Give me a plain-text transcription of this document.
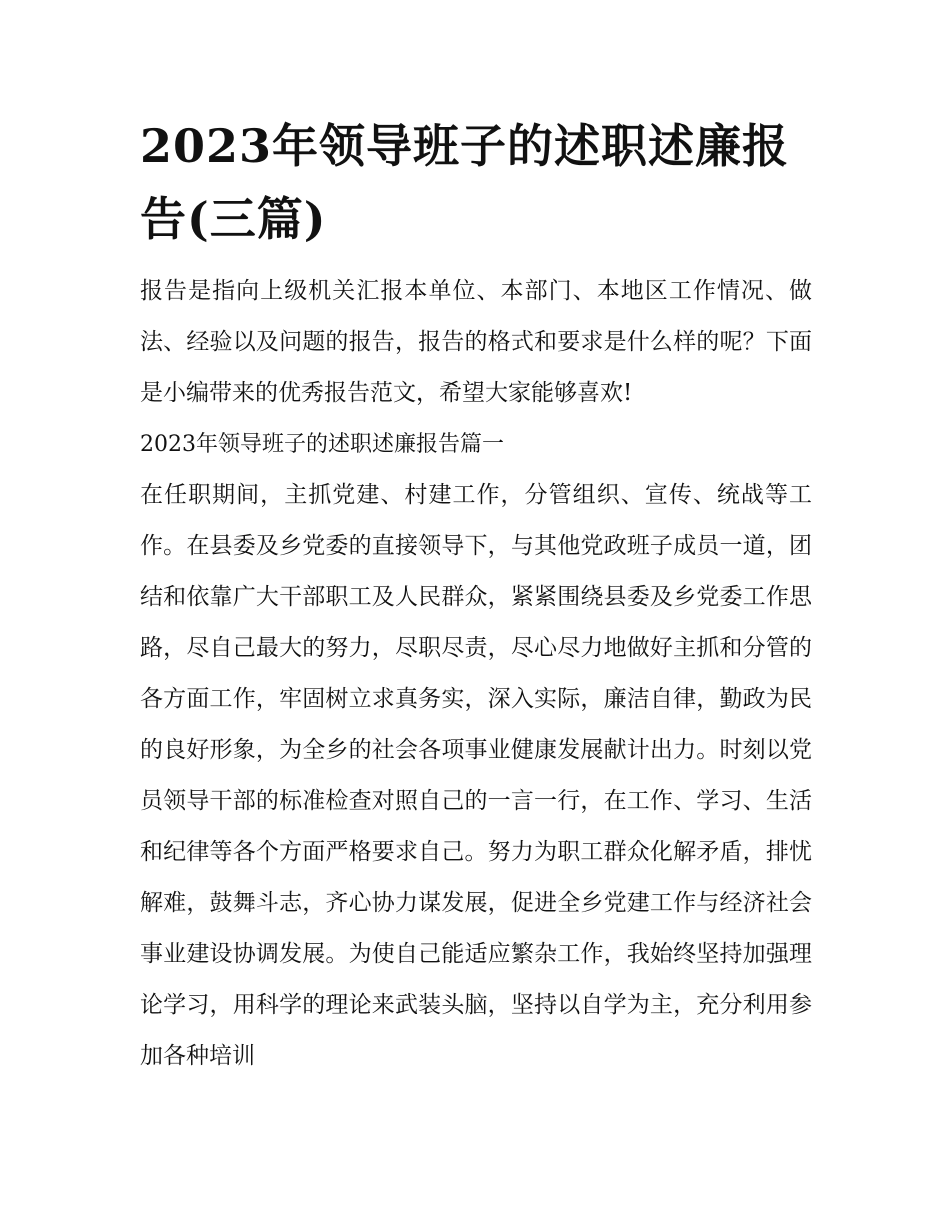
2023年领导班子的述职述廉报告(三篇)

报告是指向上级机关汇报本单位、本部门、本地区工作情况、做法、经验以及问题的报告，报告的格式和要求是什么样的呢？下面是小编带来的优秀报告范文，希望大家能够喜欢!

2023年领导班子的述职述廉报告篇一

在任职期间，主抓党建、村建工作，分管组织、宣传、统战等工作。在县委及乡党委的直接领导下，与其他党政班子成员一道，团结和依靠广大干部职工及人民群众，紧紧围绕县委及乡党委工作思路，尽自己最大的努力，尽职尽责，尽心尽力地做好主抓和分管的各方面工作，牢固树立求真务实，深入实际，廉洁自律，勤政为民的良好形象，为全乡的社会各项事业健康发展献计出力。时刻以党员领导干部的标准检查对照自己的一言一行，在工作、学习、生活和纪律等各个方面严格要求自己。努力为职工群众化解矛盾，排忧解难，鼓舞斗志，齐心协力谋发展，促进全乡党建工作与经济社会事业建设协调发展。为使自己能适应繁杂工作，我始终坚持加强理论学习，用科学的理论来武装头脑，坚持以自学为主，充分利用参加各种培训
